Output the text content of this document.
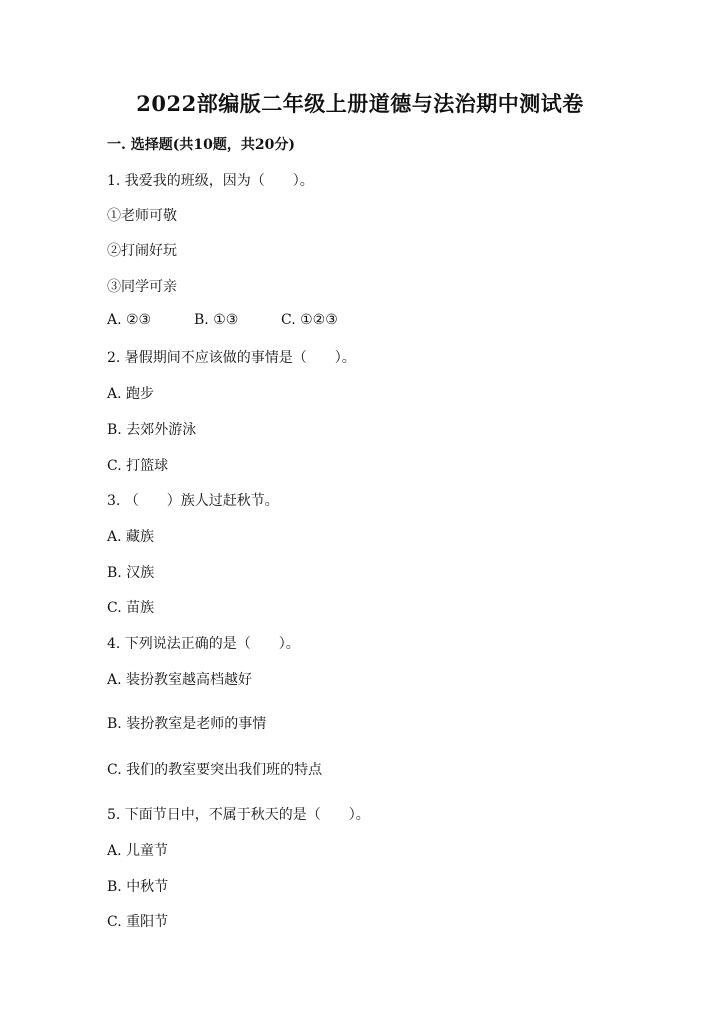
2022部编版二年级上册道德与法治期中测试卷
一. 选择题(共10题，共20分)
1. 我爱我的班级，因为（　　）。
①老师可敬
②打闹好玩
③同学可亲
A. ②③	B. ①③	C. ①②③
2. 暑假期间不应该做的事情是（　　）。
A. 跑步
B. 去郊外游泳
C. 打篮球
3. （　　）族人过赶秋节。
A. 藏族
B. 汉族
C. 苗族
4. 下列说法正确的是（　　）。
A. 装扮教室越高档越好
B. 装扮教室是老师的事情
C. 我们的教室要突出我们班的特点
5. 下面节日中，不属于秋天的是（　　）。
A. 儿童节
B. 中秋节
C. 重阳节
